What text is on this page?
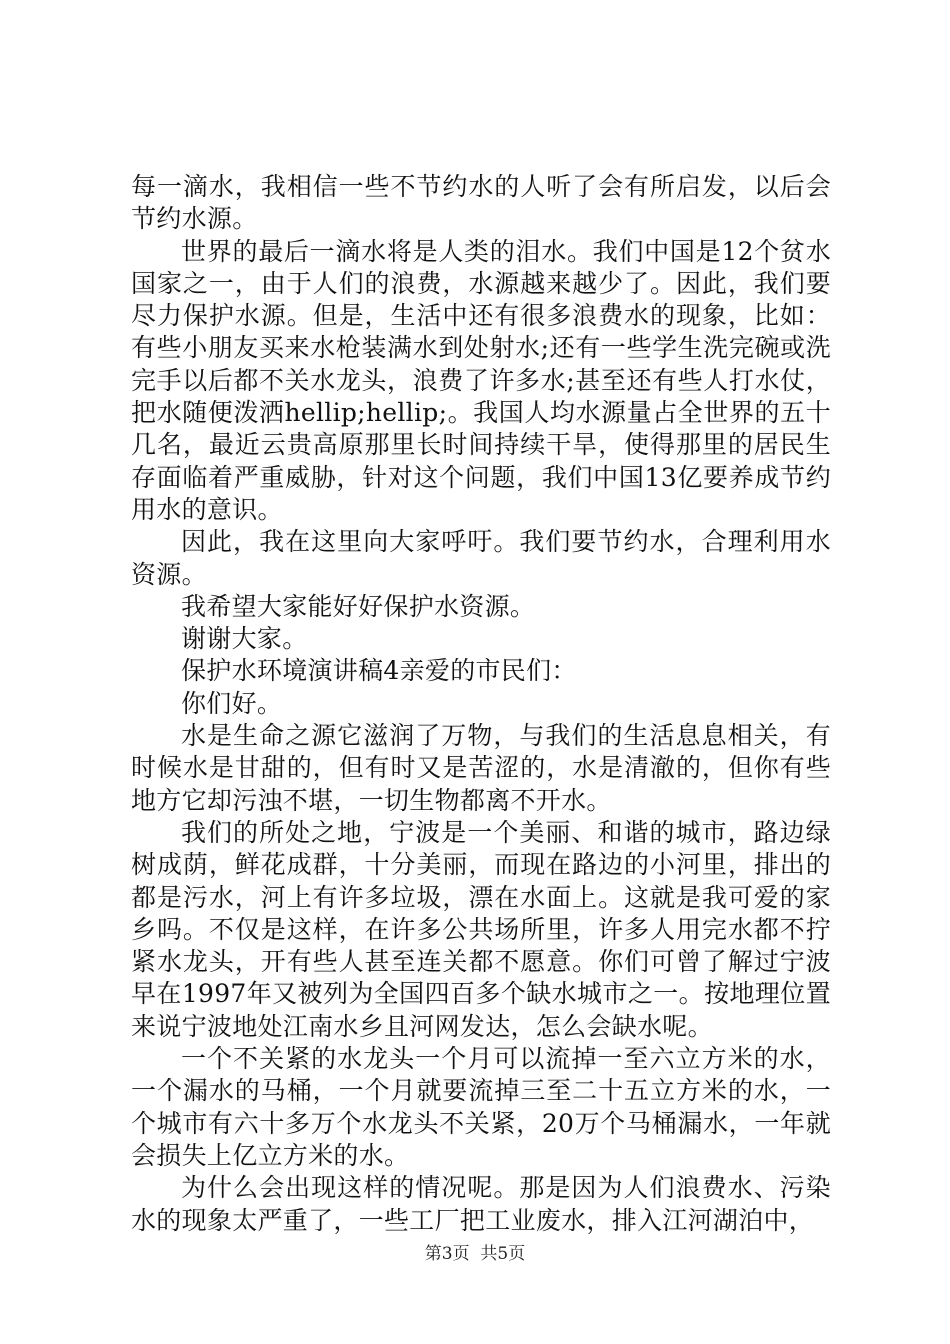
每一滴水，我相信一些不节约水的人听了会有所启发，以后会节约水源。

世界的最后一滴水将是人类的泪水。我们中国是12个贫水国家之一，由于人们的浪费，水源越来越少了。因此，我们要尽力保护水源。但是，生活中还有很多浪费水的现象，比如：有些小朋友买来水枪装满水到处射水;还有一些学生洗完碗或洗完手以后都不关水龙头，浪费了许多水;甚至还有些人打水仗，把水随便泼洒hellip;hellip;。我国人均水源量占全世界的五十几名，最近云贵高原那里长时间持续干旱，使得那里的居民生存面临着严重威胁，针对这个问题，我们中国13亿要养成节约用水的意识。

因此，我在这里向大家呼吁。我们要节约水，合理利用水资源。

我希望大家能好好保护水资源。

谢谢大家。

保护水环境演讲稿4亲爱的市民们：

你们好。

水是生命之源它滋润了万物，与我们的生活息息相关，有时候水是甘甜的，但有时又是苦涩的，水是清澈的，但你有些地方它却污浊不堪，一切生物都离不开水。

我们的所处之地，宁波是一个美丽、和谐的城市，路边绿树成荫，鲜花成群，十分美丽，而现在路边的小河里，排出的都是污水，河上有许多垃圾，漂在水面上。这就是我可爱的家乡吗。不仅是这样，在许多公共场所里，许多人用完水都不拧紧水龙头，开有些人甚至连关都不愿意。你们可曾了解过宁波早在1997年又被列为全国四百多个缺水城市之一。按地理位置来说宁波地处江南水乡且河网发达，怎么会缺水呢。

一个不关紧的水龙头一个月可以流掉一至六立方米的水，一个漏水的马桶，一个月就要流掉三至二十五立方米的水，一个城市有六十多万个水龙头不关紧，20万个马桶漏水，一年就会损失上亿立方米的水。

为什么会出现这样的情况呢。那是因为人们浪费水、污染水的现象太严重了，一些工厂把工业废水，排入江河湖泊中，

第3页 共5页
